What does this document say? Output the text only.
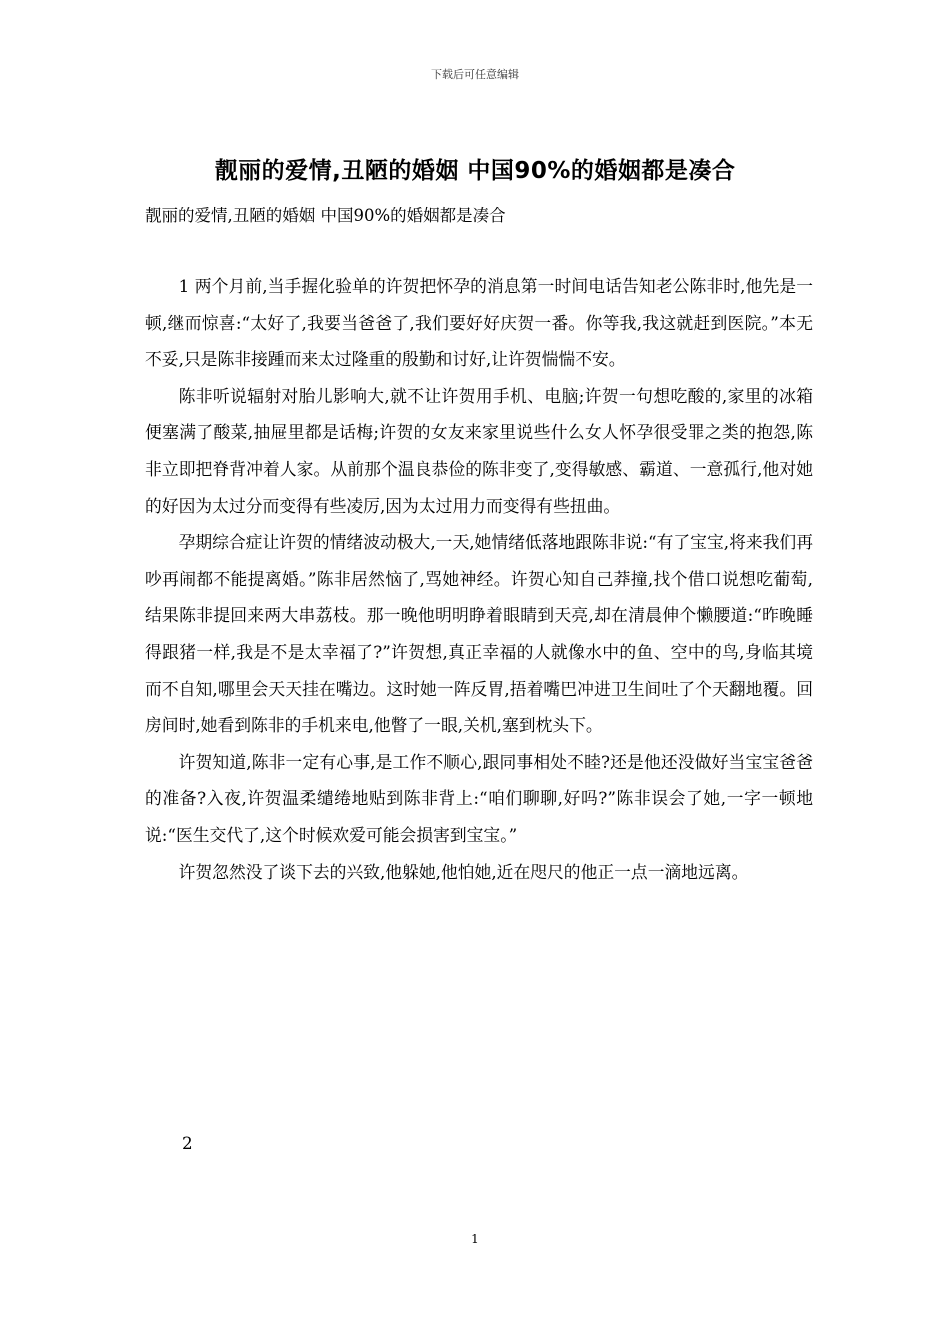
下载后可任意编辑
靓丽的爱情,丑陋的婚姻 中国90%的婚姻都是凑合
靓丽的爱情,丑陋的婚姻 中国90%的婚姻都是凑合

1 两个月前,当手握化验单的许贺把怀孕的消息第一时间电话告知老公陈非时,他先是一顿,继而惊喜:“太好了,我要当爸爸了,我们要好好庆贺一番。你等我,我这就赶到医院。”本无不妥,只是陈非接踵而来太过隆重的殷勤和讨好,让许贺惴惴不安。

陈非听说辐射对胎儿影响大,就不让许贺用手机、电脑;许贺一句想吃酸的,家里的冰箱便塞满了酸菜,抽屉里都是话梅;许贺的女友来家里说些什么女人怀孕很受罪之类的抱怨,陈非立即把脊背冲着人家。从前那个温良恭俭的陈非变了,变得敏感、霸道、一意孤行,他对她的好因为太过分而变得有些凌厉,因为太过用力而变得有些扭曲。

孕期综合症让许贺的情绪波动极大,一天,她情绪低落地跟陈非说:“有了宝宝,将来我们再吵再闹都不能提离婚。”陈非居然恼了,骂她神经。许贺心知自己莽撞,找个借口说想吃葡萄,结果陈非提回来两大串荔枝。那一晚他明明睁着眼睛到天亮,却在清晨伸个懒腰道:“昨晚睡得跟猪一样,我是不是太幸福了?”许贺想,真正幸福的人就像水中的鱼、空中的鸟,身临其境而不自知,哪里会天天挂在嘴边。这时她一阵反胃,捂着嘴巴冲进卫生间吐了个天翻地覆。回房间时,她看到陈非的手机来电,他瞥了一眼,关机,塞到枕头下。

许贺知道,陈非一定有心事,是工作不顺心,跟同事相处不睦?还是他还没做好当宝宝爸爸的准备?入夜,许贺温柔缱绻地贴到陈非背上:“咱们聊聊,好吗?”陈非误会了她,一字一顿地说:“医生交代了,这个时候欢爱可能会损害到宝宝。”

许贺忽然没了谈下去的兴致,他躲她,他怕她,近在咫尺的他正一点一滴地远离。

2
1
